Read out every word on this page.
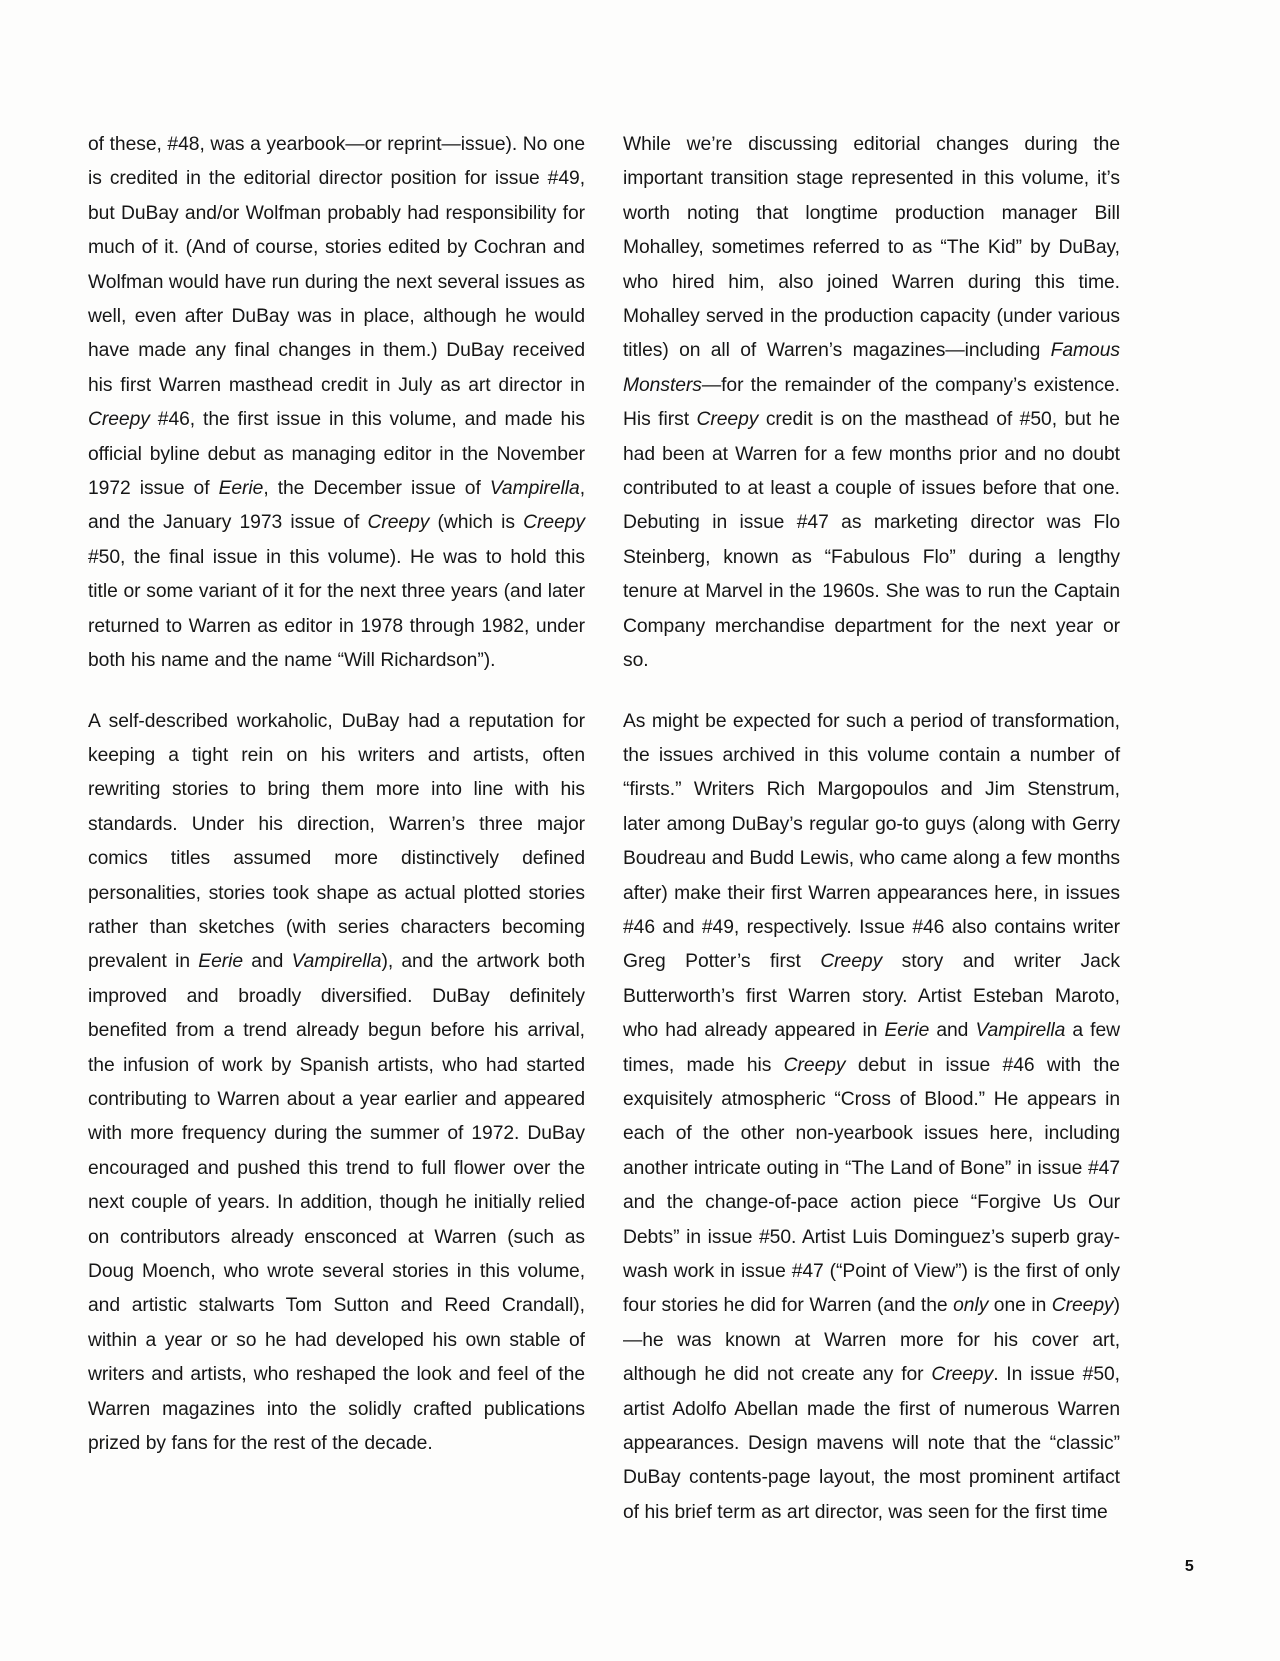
of these, #48, was a yearbook—or reprint—issue). No one is credited in the editorial director position for issue #49, but DuBay and/or Wolfman probably had responsibility for much of it. (And of course, stories edited by Cochran and Wolfman would have run during the next several issues as well, even after DuBay was in place, although he would have made any final changes in them.) DuBay received his first Warren masthead credit in July as art director in Creepy #46, the first issue in this volume, and made his official byline debut as managing editor in the November 1972 issue of Eerie, the December issue of Vampirella, and the January 1973 issue of Creepy (which is Creepy #50, the final issue in this volume). He was to hold this title or some variant of it for the next three years (and later returned to Warren as editor in 1978 through 1982, under both his name and the name “Will Richardson”).

A self-described workaholic, DuBay had a reputation for keeping a tight rein on his writers and artists, often rewriting stories to bring them more into line with his standards. Under his direction, Warren’s three major comics titles assumed more distinctively defined personalities, stories took shape as actual plotted stories rather than sketches (with series characters becoming prevalent in Eerie and Vampirella), and the artwork both improved and broadly diversified. DuBay definitely benefited from a trend already begun before his arrival, the infusion of work by Spanish artists, who had started contributing to Warren about a year earlier and appeared with more frequency during the summer of 1972. DuBay encouraged and pushed this trend to full flower over the next couple of years. In addition, though he initially relied on contributors already ensconced at Warren (such as Doug Moench, who wrote several stories in this volume, and artistic stalwarts Tom Sutton and Reed Crandall), within a year or so he had developed his own stable of writers and artists, who reshaped the look and feel of the Warren magazines into the solidly crafted publications prized by fans for the rest of the decade.

While we’re discussing editorial changes during the important transition stage represented in this volume, it’s worth noting that longtime production manager Bill Mohalley, sometimes referred to as “The Kid” by DuBay, who hired him, also joined Warren during this time. Mohalley served in the production capacity (under various titles) on all of Warren’s magazines—including Famous Monsters—for the remainder of the company’s existence. His first Creepy credit is on the masthead of #50, but he had been at Warren for a few months prior and no doubt contributed to at least a couple of issues before that one. Debuting in issue #47 as marketing director was Flo Steinberg, known as “Fabulous Flo” during a lengthy tenure at Marvel in the 1960s. She was to run the Captain Company merchandise department for the next year or so.

As might be expected for such a period of transformation, the issues archived in this volume contain a number of “firsts.” Writers Rich Margopoulos and Jim Stenstrum, later among DuBay’s regular go-to guys (along with Gerry Boudreau and Budd Lewis, who came along a few months after) make their first Warren appearances here, in issues #46 and #49, respectively. Issue #46 also contains writer Greg Potter’s first Creepy story and writer Jack Butterworth’s first Warren story. Artist Esteban Maroto, who had already appeared in Eerie and Vampirella a few times, made his Creepy debut in issue #46 with the exquisitely atmospheric “Cross of Blood.” He appears in each of the other non-yearbook issues here, including another intricate outing in “The Land of Bone” in issue #47 and the change-of-pace action piece “Forgive Us Our Debts” in issue #50. Artist Luis Dominguez’s superb gray-wash work in issue #47 (“Point of View”) is the first of only four stories he did for Warren (and the only one in Creepy)—he was known at Warren more for his cover art, although he did not create any for Creepy. In issue #50, artist Adolfo Abellan made the first of numerous Warren appearances. Design mavens will note that the “classic” DuBay contents-page layout, the most prominent artifact of his brief term as art director, was seen for the first time

5
